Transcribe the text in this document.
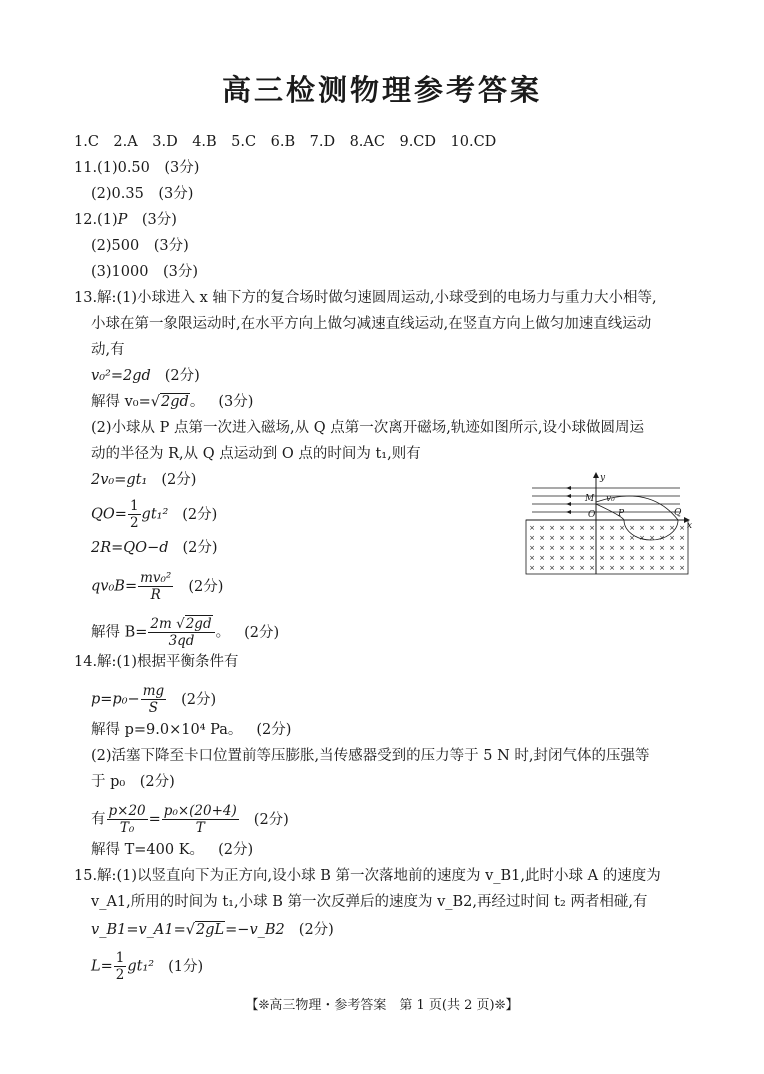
高三检测物理参考答案
1.C　2.A　3.D　4.B　5.C　6.B　7.D　8.AC　9.CD　10.CD
11.(1)0.50　(3分)
(2)0.35　(3分)
12.(1)P　(3分)
(2)500　(3分)
(3)1000　(3分)
13.解:(1)小球进入 x 轴下方的复合场时做匀速圆周运动,小球受到的电场力与重力大小相等,
小球在第一象限运动时,在水平方向上做匀减速直线运动,在竖直方向上做匀加速直线运动
动,有
v₀²=2gd (2分)
解得 v₀=√2gd。 (3分)
(2)小球从 P 点第一次进入磁场,从 Q 点第一次离开磁场,轨迹如图所示,设小球做圆周运
动的半径为 R,从 Q 点运动到 O 点的时间为 t₁,则有
2v₀=gt₁ (2分)
$QO= \frac{1}{2} gt_1^2$ (2分)
2R=QO−d (2分)
$qv_0B= \frac{\text{mv₀²}}{R} (2$分)
解得 $B= \frac{2m √2gd}{3qd}$ 。 (2分)
× × × × × × × × × × × × × × × ×
× × × × × × × × × × × × × × × ×
× × × × × × × × × × × × × × × ×
× × × × × × × × × × × × × × × ×
× × × × × × × × × × × × × × × ×
y
x
M v₀
O	P	Q
14.解:(1)根据平衡条件有
$p=p_0- \frac{mg}{S} (2$分)
解得 p=9.0×10⁴ Pa。 (2分)
(2)活塞下降至卡口位置前等压膨胀,当传感器受到的压力等于 5 N 时,封闭气体的压强等
于 p₀　(2分)
有 $\frac{p\times 20}{\text{T₀}} = \frac{\text{p₀×(20+4)}}{T} (2$分)
解得 T=400 K。 (2分)
15.解:(1)以竖直向下为正方向,设小球 B 第一次落地前的速度为 v_B1,此时小球 A 的速度为
v_A1,所用的时间为 t₁,小球 B 第一次反弹后的速度为 v_B2,再经过时间 t₂ 两者相碰,有
v_B1=v_A1=√2gL=−v_B2 (2分)
$L= \frac{1}{2} gt_1^2$ (1分)
【❊高三物理・参考答案　第 1 页(共 2 页)❊】
